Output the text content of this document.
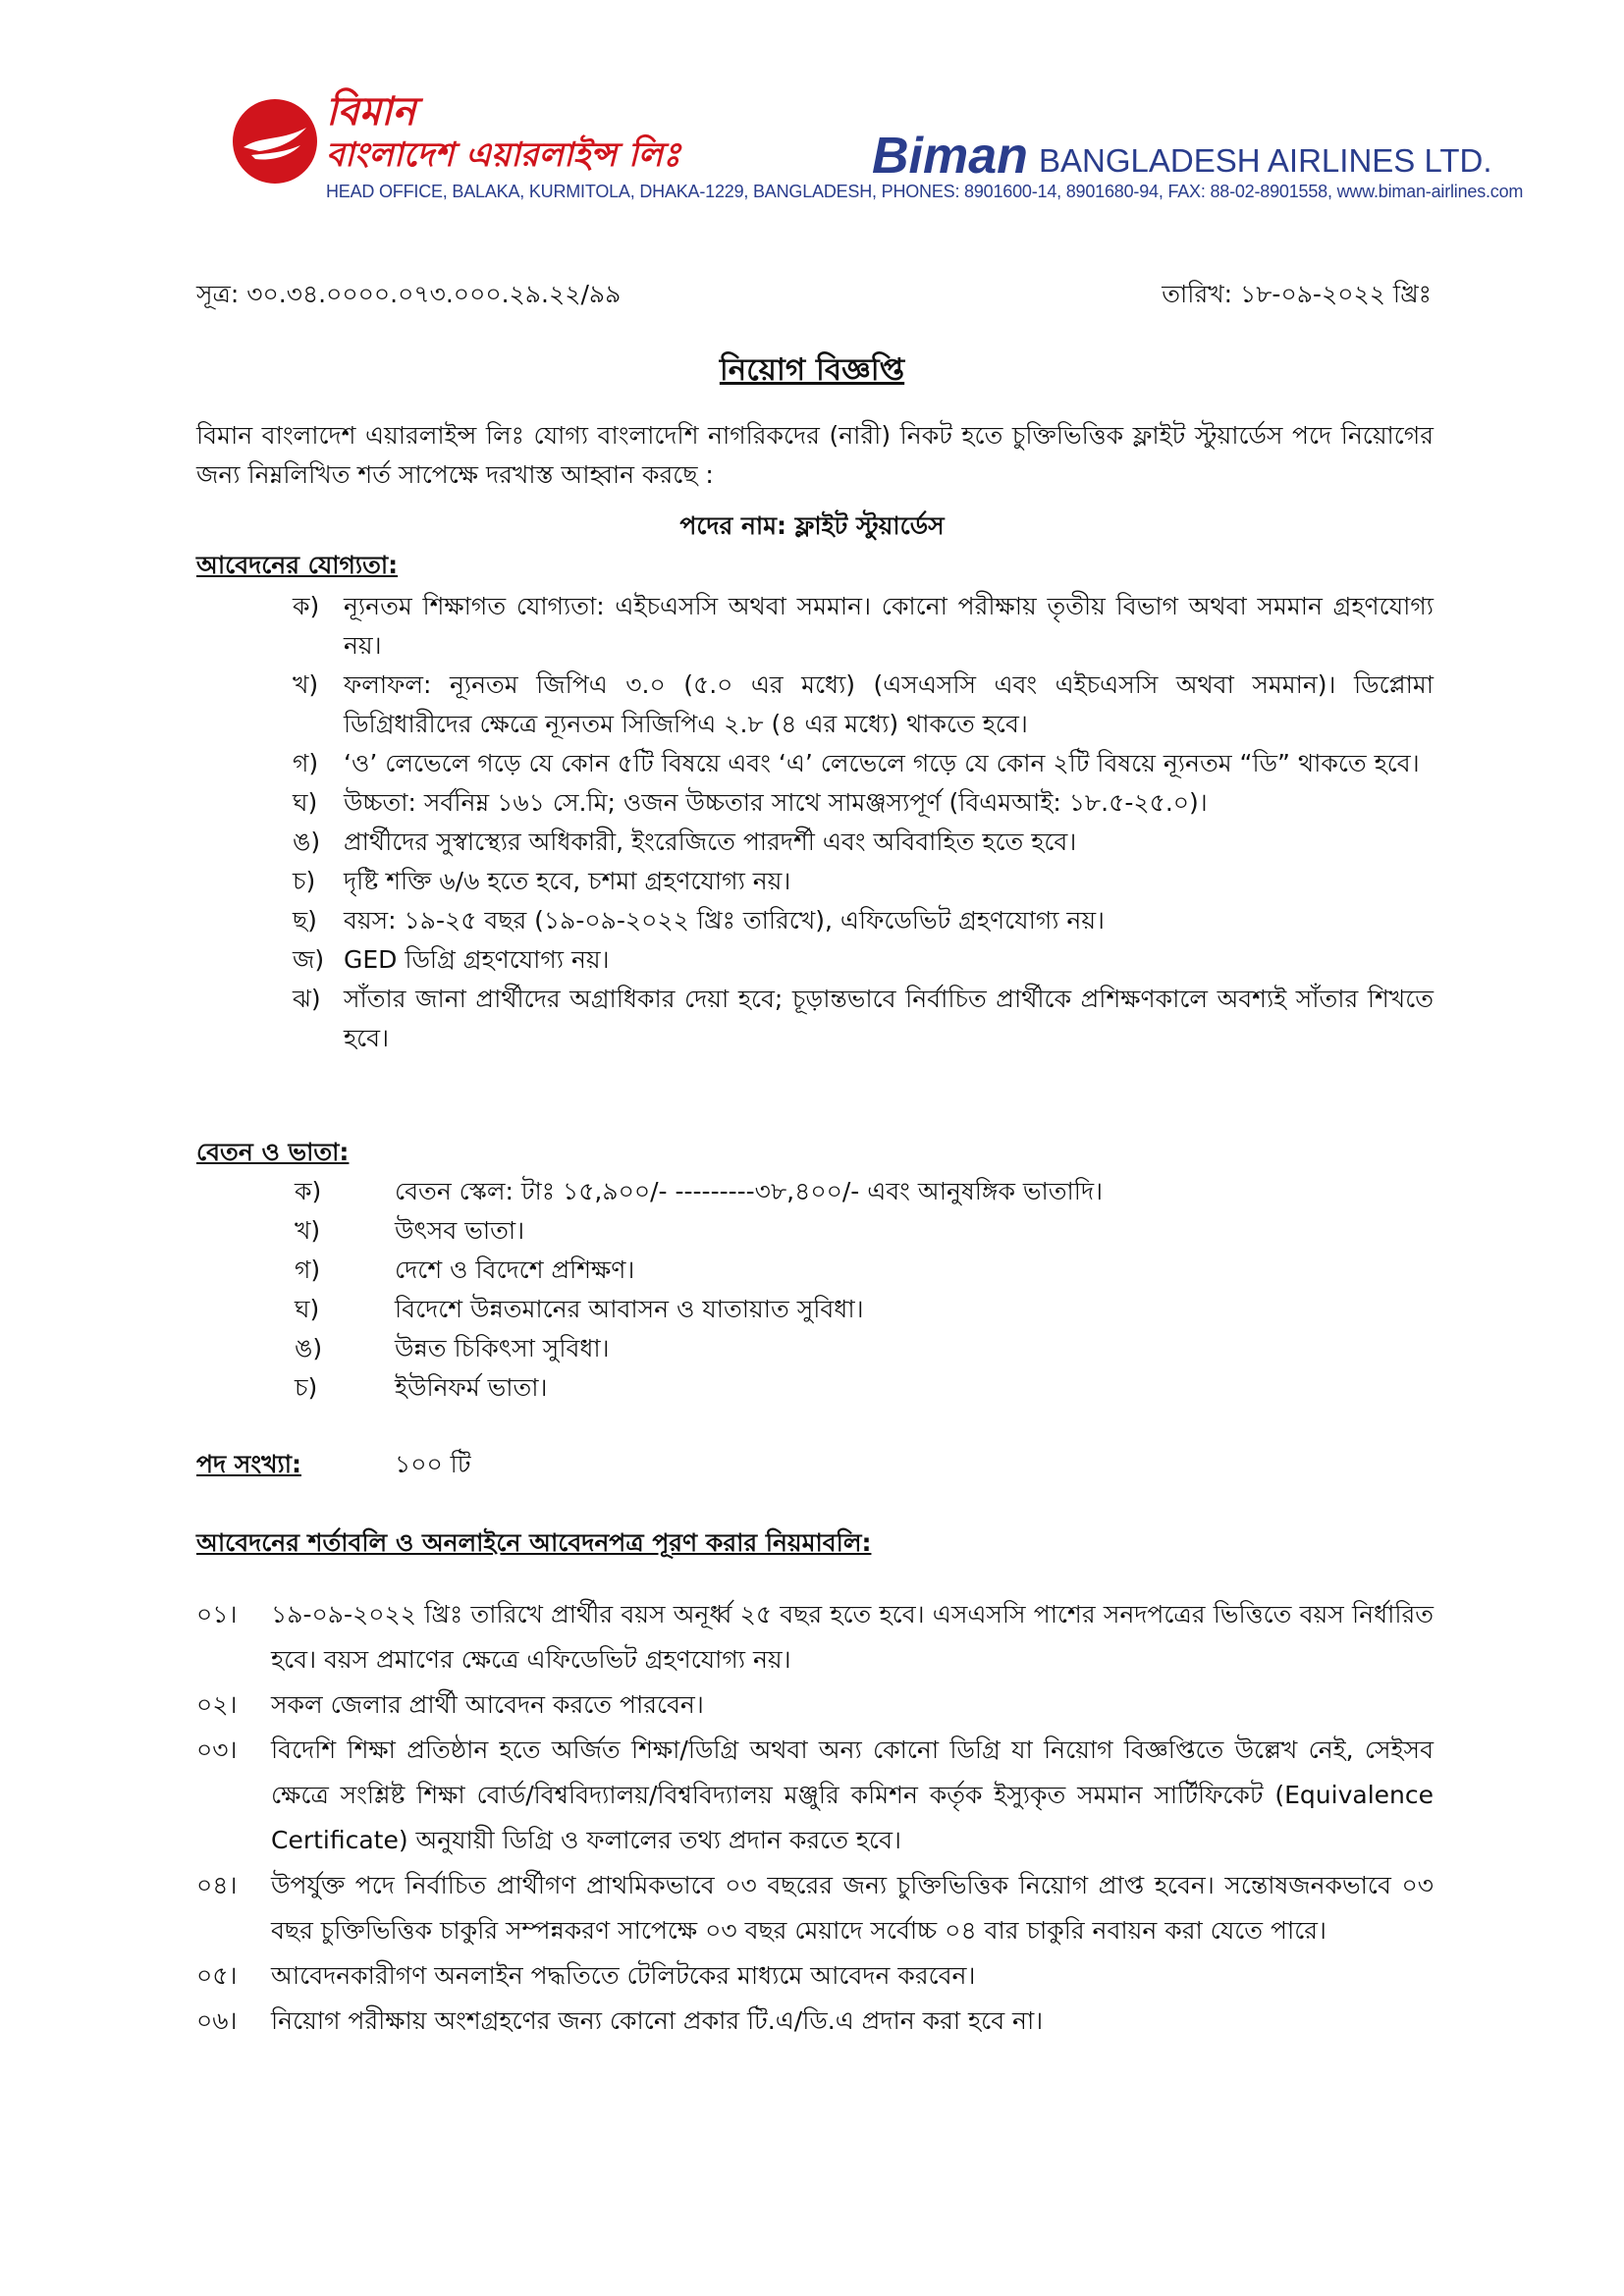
বিমান
বাংলাদেশ এয়ারলাইন্স লিঃ	Biman BANGLADESH AIRLINES LTD.
HEAD OFFICE, BALAKA, KURMITOLA, DHAKA-1229, BANGLADESH, PHONES: 8901600-14, 8901680-94, FAX: 88-02-8901558, www.biman-airlines.com
সূত্র: ৩০.৩৪.০০০০.০৭৩.০০০.২৯.২২/৯৯	তারিখ: ১৮-০৯-২০২২ খ্রিঃ
নিয়োগ বিজ্ঞপ্তি
বিমান বাংলাদেশ এয়ারলাইন্স লিঃ যোগ্য বাংলাদেশি নাগরিকদের (নারী) নিকট হতে চুক্তিভিত্তিক ফ্লাইট স্টুয়ার্ডেস পদে নিয়োগের জন্য নিম্নলিখিত শর্ত সাপেক্ষে দরখাস্ত আহ্বান করছে :
পদের নাম: ফ্লাইট স্টুয়ার্ডেস
আবেদনের যোগ্যতা:
ক) ন্যূনতম শিক্ষাগত যোগ্যতা: এইচএসসি অথবা সমমান। কোনো পরীক্ষায় তৃতীয় বিভাগ অথবা সমমান গ্রহণযোগ্য নয়।
খ) ফলাফল: ন্যূনতম জিপিএ ৩.০ (৫.০ এর মধ্যে) (এসএসসি এবং এইচএসসি অথবা সমমান)। ডিপ্লোমা ডিগ্রিধারীদের ক্ষেত্রে ন্যূনতম সিজিপিএ ২.৮ (৪ এর মধ্যে) থাকতে হবে।
গ) ‘ও’ লেভেলে গড়ে যে কোন ৫টি বিষয়ে এবং ‘এ’ লেভেলে গড়ে যে কোন ২টি বিষয়ে ন্যূনতম “ডি” থাকতে হবে।
ঘ) উচ্চতা: সর্বনিম্ন ১৬১ সে.মি; ওজন উচ্চতার সাথে সামঞ্জস্যপূর্ণ (বিএমআই: ১৮.৫-২৫.০)।
ঙ) প্রার্থীদের সুস্বাস্থ্যের অধিকারী, ইংরেজিতে পারদর্শী এবং অবিবাহিত হতে হবে।
চ) দৃষ্টি শক্তি ৬/৬ হতে হবে, চশমা গ্রহণযোগ্য নয়।
ছ) বয়স: ১৯-২৫ বছর (১৯-০৯-২০২২ খ্রিঃ তারিখে), এফিডেভিট গ্রহণযোগ্য নয়।
জ) GED ডিগ্রি গ্রহণযোগ্য নয়।
ঝ) সাঁতার জানা প্রার্থীদের অগ্রাধিকার দেয়া হবে; চূড়ান্তভাবে নির্বাচিত প্রার্থীকে প্রশিক্ষণকালে অবশ্যই সাঁতার শিখতে হবে।
বেতন ও ভাতা:
ক)	বেতন স্কেল: টাঃ ১৫,৯০০/- ---------৩৮,৪০০/- এবং আনুষঙ্গিক ভাতাদি।
খ)	উৎসব ভাতা।
গ)	দেশে ও বিদেশে প্রশিক্ষণ।
ঘ)	বিদেশে উন্নতমানের আবাসন ও যাতায়াত সুবিধা।
ঙ)	উন্নত চিকিৎসা সুবিধা।
চ)	ইউনিফর্ম ভাতা।
পদ সংখ্যা:	১০০ টি
আবেদনের শর্তাবলি ও অনলাইনে আবেদনপত্র পূরণ করার নিয়মাবলি:
০১। ১৯-০৯-২০২২ খ্রিঃ তারিখে প্রার্থীর বয়স অনূর্ধ্ব ২৫ বছর হতে হবে। এসএসসি পাশের সনদপত্রের ভিত্তিতে বয়স নির্ধারিত হবে। বয়স প্রমাণের ক্ষেত্রে এফিডেভিট গ্রহণযোগ্য নয়।
০২। সকল জেলার প্রার্থী আবেদন করতে পারবেন।
০৩। বিদেশি শিক্ষা প্রতিষ্ঠান হতে অর্জিত শিক্ষা/ডিগ্রি অথবা অন্য কোনো ডিগ্রি যা নিয়োগ বিজ্ঞপ্তিতে উল্লেখ নেই, সেইসব ক্ষেত্রে সংশ্লিষ্ট শিক্ষা বোর্ড/বিশ্ববিদ্যালয়/বিশ্ববিদ্যালয় মঞ্জুরি কমিশন কর্তৃক ইস্যুকৃত সমমান সার্টিফিকেট (Equivalence Certificate) অনুযায়ী ডিগ্রি ও ফলালের তথ্য প্রদান করতে হবে।
০৪। উপর্যুক্ত পদে নির্বাচিত প্রার্থীগণ প্রাথমিকভাবে ০৩ বছরের জন্য চুক্তিভিত্তিক নিয়োগ প্রাপ্ত হবেন। সন্তোষজনকভাবে ০৩ বছর চুক্তিভিত্তিক চাকুরি সম্পন্নকরণ সাপেক্ষে ০৩ বছর মেয়াদে সর্বোচ্চ ০৪ বার চাকুরি নবায়ন করা যেতে পারে।
০৫। আবেদনকারীগণ অনলাইন পদ্ধতিতে টেলিটকের মাধ্যমে আবেদন করবেন।
০৬। নিয়োগ পরীক্ষায় অংশগ্রহণের জন্য কোনো প্রকার টি.এ/ডি.এ প্রদান করা হবে না।
